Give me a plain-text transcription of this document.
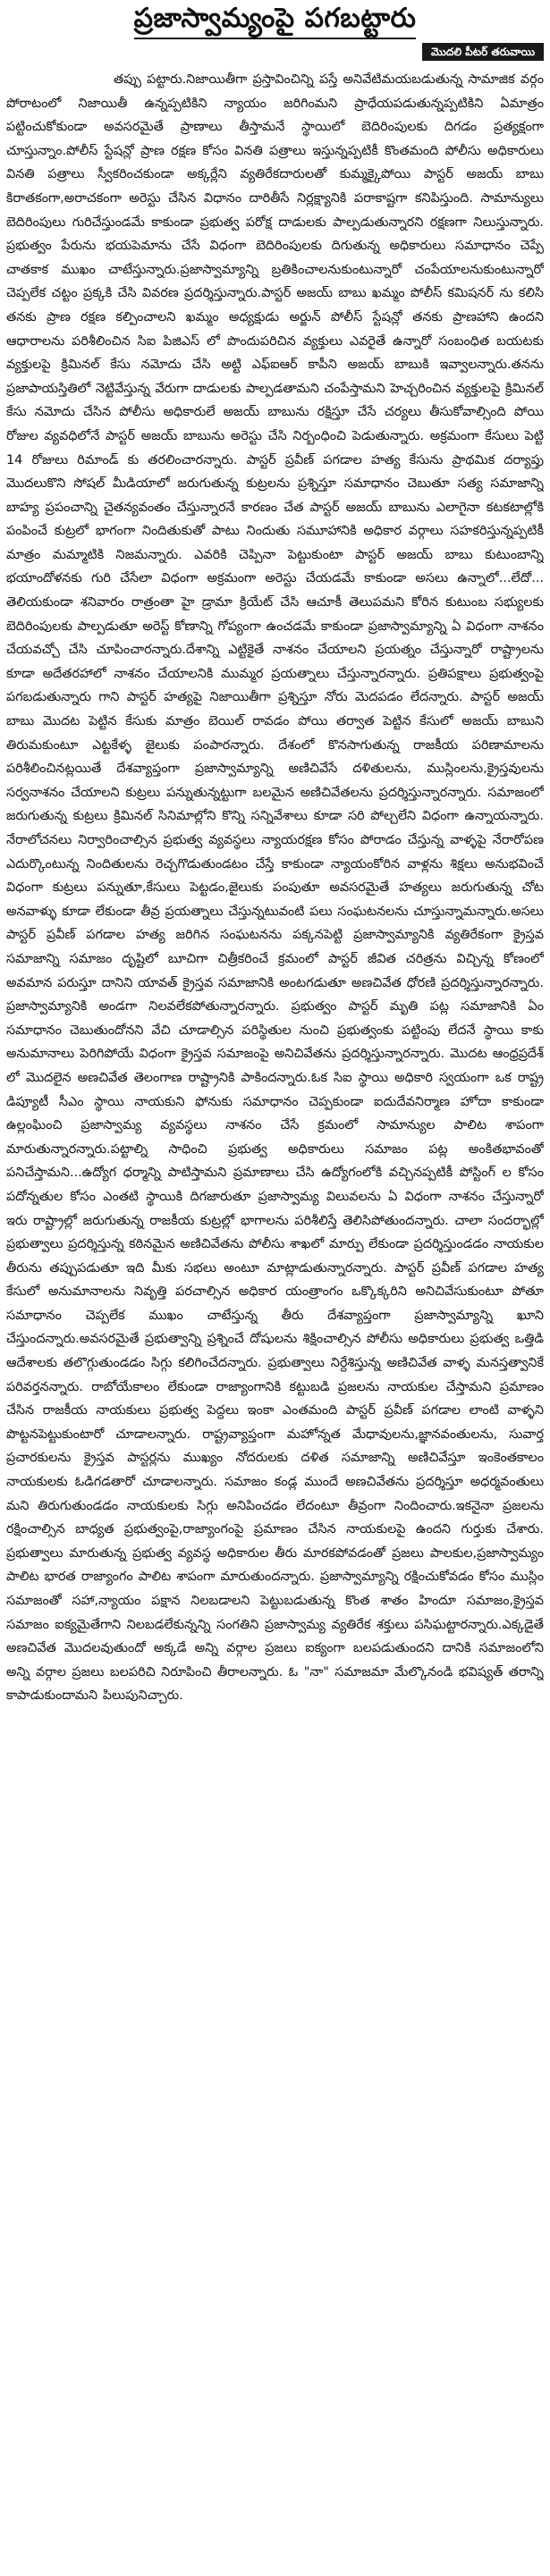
ప్రజాస్వామ్యంపై పగబట్టారు
మొదలి పీటర్ తరువాయి

తప్పు పట్టారు.నిజాయితీగా ప్రస్తావించిన్ని పస్తే అనివేటిమయబడుతున్న సామాజిక వర్గం పోరాటంలో నిజాయితీ ఉన్నప్పటికిని న్యాయం జరిగింమని ప్రాధేయపడుతున్నప్పటికిని ఏమాత్రం పట్టించుకోకుండా అవసరమైతే ప్రాణాలు తీస్తామనే స్థాయిలో బెదిరింపులకు దిగడం ప్రత్యక్షంగా చూస్తున్నాం.పోలీస్ స్టేషన్లో ప్రాణ రక్షణ కోసం వినతి పత్రాలు ఇస్తున్నప్పటికీ కొంతమంది పోలీసు అధికారులు వినతి పత్రాలు స్వీకరించకుండా అక్కర్లేని వ్యతిరేకదారులతో కుమ్మక్కైపోయి పాస్టర్ అజయ్ బాబు కిరాతకంగా,అరాచకంగా అరెస్టు చేసిన విధానం దారితీసే నిర్లక్ష్యానికి పరాకాష్టగా కనిపిస్తుంది. సామాన్యులు బెదిరింపులు గురిచేస్తుండమే కాకుండా ప్రభుత్వ పరోక్ష దాడులకు పాల్పడుతున్నారని రక్షణగా నిలుస్తున్నారు. ప్రభుత్వం పేరును భయపెమాను చేసే విధంగా బెదిరింపులకు దిగుతున్న అధికారులు సమాధానం చెప్పే చాతకాక ముఖం చాటేస్తున్నారు.ప్రజాస్వామ్యాన్ని బ్రతికించాలనుకుంటున్నారో చంపేయాలనుకుంటున్నారో చెప్పలేక చట్టం ప్రక్కకి చేసి వివరణ ప్రదర్శిస్తున్నారు.పాస్టర్ అజయ్ బాబు ఖమ్మం పోలీస్ కమిషనర్ ను కలిసి తనకు ప్రాణ రక్షణ కల్పించాలని ఖమ్మం అధ్యక్షుడు అర్జున్ పోలీస్ స్టేషన్లో తనకు ప్రాణహాని ఉందని ఆధారాలను పరిశీలించిన సిఐ పిజిఎస్ లో పొందుపరిచిన వ్యక్తులు ఎవరైతే ఉన్నారో సంబంధిత బయటకు వ్యక్తులపై క్రిమినల్ కేసు నమోదు చేసి అట్టి ఎఫ్ఐఆర్ కాపీని అజయ్ బాబుకి ఇవ్వాలన్నారు.తనను ప్రజాపాయస్తితిలో నెట్టివేస్తున్న వేరుగా దాడులకు పాల్పడతామని చంపేస్తామని హెచ్చరించిన వ్యక్తులపై క్రిమినల్ కేసు నమోదు చేసిన పోలీసు అధికారులే అజయ్ బాబును రక్షిస్తూ చేసే చర్యలు తీసుకోవాల్సింది పోయి రోజుల వ్యవధిలోనే పాస్టర్ అజయ్ బాబును అరెస్టు చేసి నిర్బంధించి పెడుతున్నారు. అక్రమంగా కేసులు పెట్టి 14 రోజులు రిమాండ్ కు తరలించారన్నారు. పాస్టర్ ప్రవీణ్ పగడాల హత్య కేసును ప్రాథమిక దర్యాప్తు మొదలుకొని సోషల్ మీడియాలో జరుగుతున్న కుట్రలను ప్రశ్నిస్తూ సమాధానం చెబుతూ సత్య సమాజాన్ని బాహ్య ప్రపంచాన్ని చైతన్యవంతం చేస్తున్నారనే కారణం చేత పాస్టర్ అజయ్ బాబును ఎలాగైనా కటకటాల్లోకి పంపించే కుట్రలో భాగంగా నిందితుకుతో పాటు నిందుతు సమూహానికి అధికార వర్గాలు సహకరిస్తున్నప్పటికీ మాత్రం మమ్మాటికి నిజమన్నారు. ఎవరికి చెప్పినా పెట్టుకుంటా పాస్టర్ అజయ్ బాబు కుటుంబాన్ని భయాందోళనకు గురి చేసేలా విధంగా అక్రమంగా అరెస్టు చేయడమే కాకుండా అసలు ఉన్నాలో...లేదో... తెలియకుండా శనివారం రాత్రంతా హై డ్రామా క్రియేట్ చేసి ఆచూకీ తెలుపమని కోరిన కుటుంబ సభ్యులకు బెదిరింపులకు పాల్పడుతూ అరెస్ట్ కోణాన్ని గోప్యంగా ఉంచడమే కాకుండా ప్రజాస్వామ్యాన్ని ఏ విధంగా నాశనం చేయవచ్చో చేసి చూపించారన్నారు.దేశాన్ని ఎట్టికైతే నాశనం చేయాలని ప్రయత్నం చేస్తున్నారో రాష్ట్రాలను కూడా అదేతరహాలో నాశనం చేయాలనికి ముమ్మర ప్రయత్నాలు చేస్తున్నారన్నారు. ప్రతిపక్షాలు ప్రభుత్వంపై పగబడుతున్నారు గాని పాస్టర్ హత్యపై నిజాయితీగా ప్రశ్నిస్తూ నోరు మెదపడం లేదన్నారు. పాస్టర్ అజయ్ బాబు మొదట పెట్టిన కేసుకు మాత్రం బెయిల్ రావడం పోయి తర్వాత పెట్టిన కేసులో అజయ్ బాబుని తిరుమకుంటూ ఎట్టకేళ్ళ జైలుకు పంపారన్నారు. దేశంలో కొనసాగుతున్న రాజకీయ పరిణామాలను పరిశీలించినట్లయితే దేశవ్యాప్తంగా ప్రజాస్వామ్యాన్ని అణిచివేసే దళితులను, ముస్లింలను,క్రైస్తవులను సర్వనాశనం చేయాలని కుట్రలు పన్నుతున్నట్టుగా బలమైన అణిచివేతలను ప్రదర్శిస్తున్నారన్నారు. సమాజంలో జరుగుతున్న కుట్రలు క్రిమినల్ సినిమాల్లోని కొన్ని సన్నివేశాలు కూడా సరి పోల్చలేని విధంగా ఉన్నాయన్నారు. నేరాలోచనలు నిర్వారించాల్సిన ప్రభుత్వ వ్యవస్థలు న్యాయరక్షణ కోసం పోరాడం చేస్తున్న వాళ్ళపై నేరారోపణ ఎదుర్కొంటున్న నిందితులను రెచ్చగొడుతుండటం చేస్తే కాకుండా న్యాయంకోరిన వాళ్లను శిక్షలు అనుభవించే విధంగా కుట్రలు పన్నుతూ,కేసులు పెట్టడం,జైలుకు పంపుతూ అవసరమైతే హత్యలు జరుగుతున్న చోట అనవాళ్ళు కూడా లేకుండా తీవ్ర ప్రయత్నాలు చేస్తున్నటువంటి పలు సంఘటనలను చూస్తున్నామన్నారు.అసలు పాస్టర్ ప్రవీణ్ పగడాల హత్య జరిగిన సంఘటనను పక్కనపెట్టి ప్రజాస్వామ్యానికి వ్యతిరేకంగా క్రైస్తవ సమాజాన్ని సమాజం దృష్టిలో బూచిగా చిత్రీకరించే క్రమంలో పాస్టర్ జీవిత చరిత్రను విచ్చిన్న కోణంలో అవమాన పరుస్తూ దానిని యావత్ క్రైస్తవ సమాజానికి అంటగడుతూ అణచివేత ధోరణి ప్రదర్శిస్తున్నారన్నారు. ప్రజాస్వామ్యానికి అండగా నిలవలేకపోతున్నారన్నారు. ప్రభుత్వం పాస్టర్ మృతి పట్ల సమాజానికి ఏం సమాధానం చెబుతుందోనని వేచి చూడాల్సిన పరిస్థితుల నుంచి ప్రభుత్వంకు పట్టింపు లేదనే స్థాయి కాకు అనుమానాలు పెరిగిపోయే విధంగా క్రైస్తవ సమాజంపై అనిచివేతను ప్రదర్శిస్తున్నారన్నారు. మొదట ఆంధ్రప్రదేశ్ లో మొదలైన అణచివేత తెలంగాణ రాష్ట్రానికి పాకిందన్నారు.ఓక సిఐ స్థాయి అధికారి స్వయంగా ఒక రాష్ట్ర డిప్యూటీ సీఎం స్థాయి నాయకుని ఫోనుకు సమాధానం చెప్పకుండా ఐదుదేవనిర్మాణ హోదా కాకుండా ఉల్లంఘించి ప్రజాస్వామ్య వ్యవస్థలు నాశనం చేసే క్రమంలో సామాన్యుల పాలిట శాపంగా మారుతున్నారన్నారు.పట్టాల్ని సాధించి ప్రభుత్వ అధికారులు సమాజం పట్ల అంకితభావంతో పనిచేస్తామని...ఉద్యోగ ధర్మాన్ని పాటిస్తామని ప్రమాణాలు చేసి ఉద్యోగంలోకి వచ్చినప్పటికీ పోస్టింగ్ ల కోసం పదోన్నతుల కోసం ఎంతటి స్థాయికి దిగజారుతూ ప్రజాస్వామ్య విలువలను ఏ విధంగా నాశనం చేస్తున్నారో ఇరు రాష్ట్రాల్లో జరుగుతున్న రాజకీయ కుట్రల్లో భాగాలను పరిశీలిస్తే తెలిసిపోతుందన్నారు. చాలా సందర్భాల్లో ప్రభుత్వాలు ప్రదర్శిస్తున్న కఠినమైన అణిచివేతను పోలీసు శాఖలో మార్పు లేకుండా ప్రదర్శిస్తుండడం నాయకుల తీరును తప్పుపడుతూ ఇది మీకు సభలు అంటూ మాట్లాడుతున్నారన్నారు. పాస్టర్ ప్రవీణ్ పగడాల హత్య కేసులో అనుమానాలను నివృత్తి పరచాల్సిన అధికార యంత్రాంగం ఒక్కొక్కరిని అనిచివేసుకుంటూ పోతూ సమాధానం చెప్పలేక ముఖం చాటేస్తున్న తీరు దేశవ్యాప్తంగా ప్రజాస్వామ్యాన్ని ఖూని చేస్తుందన్నారు.అవసరమైతే ప్రభుత్వాన్ని ప్రశ్నించే దోషులను శిక్షించాల్సిన పోలీసు అధికారులు ప్రభుత్వ ఒత్తిడి ఆదేశాలకు తలొగ్గుతుండడం సిగ్గు కలిగించేదన్నారు. ప్రభుత్వాలు నిర్దేశిస్తున్న అణిచివేత వాళ్ళ మనస్తత్వానికే పరివర్తనన్నారు. రాబోయేకాలం లేకుండా రాజ్యాంగానికి కట్టుబడి ప్రజలను నాయకుల చేస్తామని ప్రమాణం చేసిన రాజకీయ నాయకులు ప్రభుత్వ పెద్దలు ఇంకా ఎంతమంది పాస్టర్ ప్రవీణ్ పగడాల లాంటి వాళ్ళని పొట్టనపెట్టుకుంటారో చూడాలన్నారు. రాష్ట్రవ్యాప్తంగా మహోన్నత మేధావులను,జ్ఞానవంతులను, సువార్త ప్రచారకులను క్రైస్తవ పాస్టర్లను ముఖ్యం నోదరులకు దళిత సమాజాన్ని అణిచివేస్తూ ఇంకెంతకాలం నాయకులకు ఓడిగడతారో చూడాలన్నారు. సమాజం కండ్ల ముందే అణచివేతను ప్రదర్శిస్తూ అధర్మవంతులు మని తిరుగుతుండడం నాయకులకు సిగ్గు అనిపించడం లేదంటూ తీవ్రంగా నిందించారు.ఇకనైనా ప్రజలను రక్షించాల్సిన బాధ్యత ప్రభుత్వంపై,రాజ్యాంగంపై ప్రమాణం చేసిన నాయకులపై ఉందని గుర్తుకు చేశారు. ప్రభుత్వాలు మారుతున్న ప్రభుత్వ వ్యవస్థ అధికారుల తీరు మారకపోవడంతో ప్రజలు పాలకుల,ప్రజాస్వామ్యం పాలిట భారత రాజ్యాంగం పాలిట శాపంగా మారుతుందన్నారు. ప్రజాస్వామ్యాన్ని రక్షించుకోవడం కోసం ముస్లిం సమాజంతో సహా,న్యాయం పక్షాన నిలబడాలని పెట్టుబడుతున్న కొంత శాతం హిందూ సమాజం,క్రైస్తవ సమాజం ఐక్యమైతేగాని నిలబడలేకున్నన్ని సంగతిని ప్రజాస్వామ్య వ్యతిరేక శక్తులు పసిఘట్టారన్నారు.ఎక్కడైతే అణచివేత మొదలవుతుందో అక్కడే అన్ని వర్గాల ప్రజలు ఐక్యంగా బలపడుతుందని దానికి సమాజంలోని అన్ని వర్గాల ప్రజలు బలపరిచి నిరూపించి తీరాలన్నారు. ఓ "నా" సమాజమా మేల్కొనండి భవిష్యత్ తరాన్ని కాపాడుకుందామని పిలుపునిచ్చారు.
